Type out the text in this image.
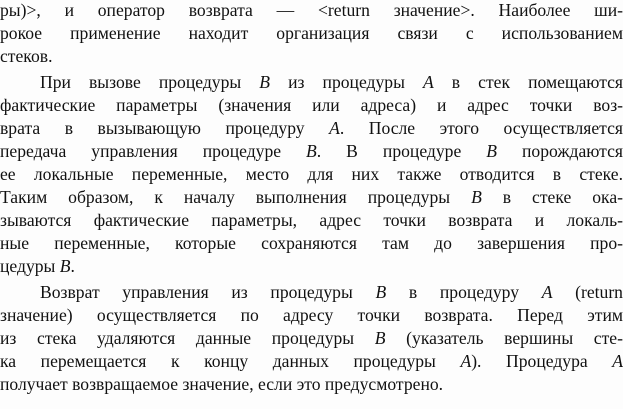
ры)>, и оператор возврата — <return значение>. Наиболее ши-
рокое применение находит организация связи с использованием
стеков.
При вызове процедуры B из процедуры A в стек помещаются
фактические параметры (значения или адреса) и адрес точки воз-
врата в вызывающую процедуру A. После этого осуществляется
передача управления процедуре B. В процедуре B порождаются
ее локальные переменные, место для них также отводится в стеке.
Таким образом, к началу выполнения процедуры B в стеке ока-
зываются фактические параметры, адрес точки возврата и локаль-
ные переменные, которые сохраняются там до завершения про-
цедуры B.
Возврат управления из процедуры B в процедуру A (return
значение) осуществляется по адресу точки возврата. Перед этим
из стека удаляются данные процедуры B (указатель вершины сте-
ка перемещается к концу данных процедуры A). Процедура A
получает возвращаемое значение, если это предусмотрено.
